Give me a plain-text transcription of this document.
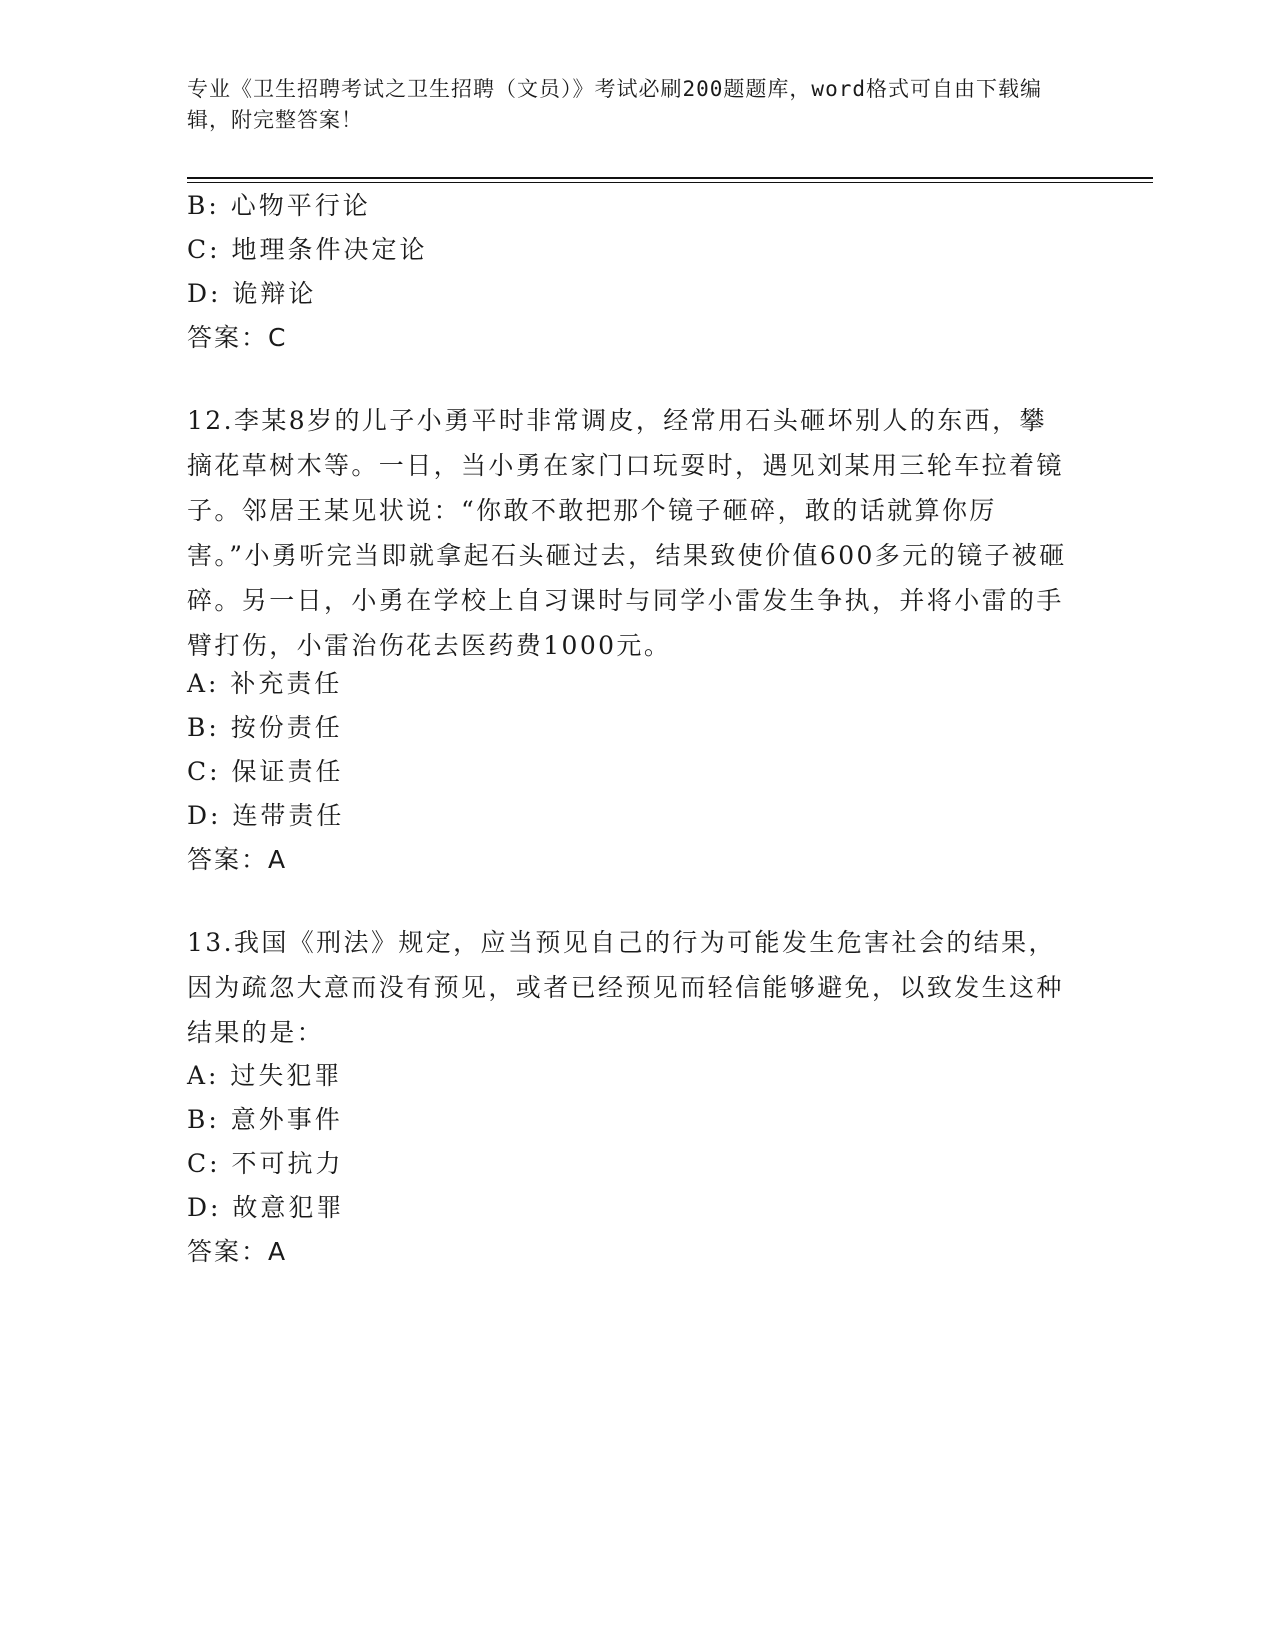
专业《卫生招聘考试之卫生招聘（文员）》考试必刷200题题库，word格式可自由下载编辑，附完整答案！
B: 心物平行论
C: 地理条件决定论
D: 诡辩论
答案：C
12.李某8岁的儿子小勇平时非常调皮，经常用石头砸坏别人的东西，攀摘花草树木等。一日，当小勇在家门口玩耍时，遇见刘某用三轮车拉着镜子。邻居王某见状说：“你敢不敢把那个镜子砸碎，敢的话就算你厉害。”小勇听完当即就拿起石头砸过去，结果致使价值600多元的镜子被砸碎。另一日，小勇在学校上自习课时与同学小雷发生争执，并将小雷的手臂打伤，小雷治伤花去医药费1000元。
A: 补充责任
B: 按份责任
C: 保证责任
D: 连带责任
答案：A
13.我国《刑法》规定，应当预见自己的行为可能发生危害社会的结果，因为疏忽大意而没有预见，或者已经预见而轻信能够避免，以致发生这种结果的是：
A: 过失犯罪
B: 意外事件
C: 不可抗力
D: 故意犯罪
答案：A
